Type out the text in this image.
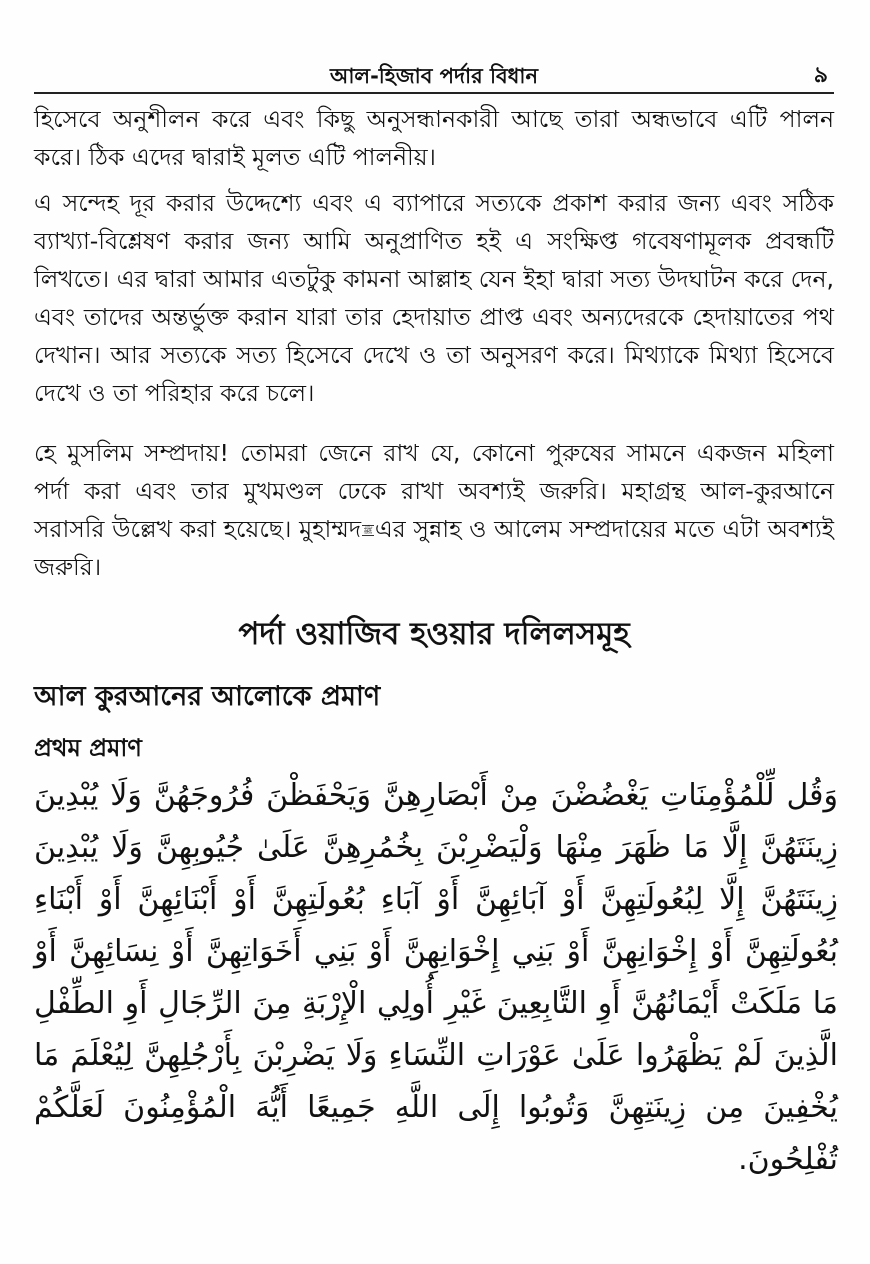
আল-হিজাব পর্দার বিধান	৯

হিসেবে অনুশীলন করে এবং কিছু অনুসন্ধানকারী আছে তারা অন্ধভাবে এটি পালন করে। ঠিক এদের দ্বারাই মূলত এটি পালনীয়।

এ সন্দেহ দূর করার উদ্দেশ্যে এবং এ ব্যাপারে সত্যকে প্রকাশ করার জন্য এবং সঠিক ব্যাখ্যা-বিশ্লেষণ করার জন্য আমি অনুপ্রাণিত হই এ সংক্ষিপ্ত গবেষণামূলক প্রবন্ধটি লিখতে। এর দ্বারা আমার এতটুকু কামনা আল্লাহ যেন ইহা দ্বারা সত্য উদঘাটন করে দেন, এবং তাদের অন্তর্ভুক্ত করান যারা তার হেদায়াত প্রাপ্ত এবং অন্যদেরকে হেদায়াতের পথ দেখান। আর সত্যকে সত্য হিসেবে দেখে ও তা অনুসরণ করে। মিথ্যাকে মিথ্যা হিসেবে দেখে ও তা পরিহার করে চলে।

হে মুসলিম সম্প্রদায়! তোমরা জেনে রাখ যে, কোনো পুরুষের সামনে একজন মহিলা পর্দা করা এবং তার মুখমণ্ডল ঢেকে রাখা অবশ্যই জরুরি। মহাগ্রন্থ আল-কুরআনে সরাসরি উল্লেখ করা হয়েছে। মুহাম্মদ ﷺএর সুন্নাহ ও আলেম সম্প্রদায়ের মতে এটা অবশ্যই জরুরি।

পর্দা ওয়াজিব হওয়ার দলিলসমূহ
আল কুরআনের আলোকে প্রমাণ
প্রথম প্রমাণ

وَقُل لِّلْمُؤْمِنَاتِ يَغْضُضْنَ مِنْ أَبْصَارِهِنَّ وَيَحْفَظْنَ فُرُوجَهُنَّ وَلَا يُبْدِينَ زِينَتَهُنَّ إِلَّا مَا ظَهَرَ مِنْهَا وَلْيَضْرِبْنَ بِخُمُرِهِنَّ عَلَىٰ جُيُوبِهِنَّ وَلَا يُبْدِينَ زِينَتَهُنَّ إِلَّا لِبُعُولَتِهِنَّ أَوْ آبَائِهِنَّ أَوْ آبَاءِ بُعُولَتِهِنَّ أَوْ أَبْنَائِهِنَّ أَوْ أَبْنَاءِ بُعُولَتِهِنَّ أَوْ إِخْوَانِهِنَّ أَوْ بَنِي إِخْوَانِهِنَّ أَوْ بَنِي أَخَوَاتِهِنَّ أَوْ نِسَائِهِنَّ أَوْ مَا مَلَكَتْ أَيْمَانُهُنَّ أَوِ التَّابِعِينَ غَيْرِ أُولِي الْإِرْبَةِ مِنَ الرِّجَالِ أَوِ الطِّفْلِ الَّذِينَ لَمْ يَظْهَرُوا عَلَىٰ عَوْرَاتِ النِّسَاءِ وَلَا يَضْرِبْنَ بِأَرْجُلِهِنَّ لِيُعْلَمَ مَا يُخْفِينَ مِن زِينَتِهِنَّ وَتُوبُوا إِلَى اللَّهِ جَمِيعًا أَيُّهَ الْمُؤْمِنُونَ لَعَلَّكُمْ تُفْلِحُونَ.
